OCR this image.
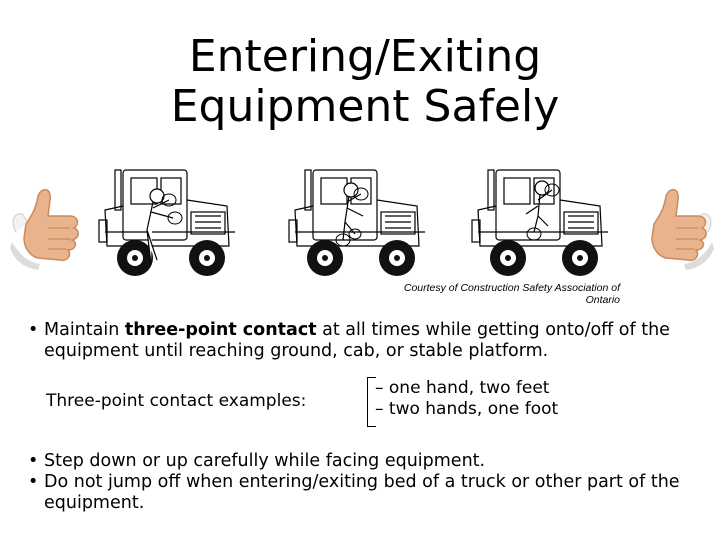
Entering/Exiting
Equipment Safely
Courtesy of Construction Safety Association of
Ontario
• Maintain three-point contact at all times while getting onto/off of the equipment until reaching ground, cab, or stable platform.
Three-point contact examples:
– one hand, two feet
– two hands, one foot
• Step down or up carefully while facing equipment.
• Do not jump off when entering/exiting bed of a truck or other part of the equipment.
